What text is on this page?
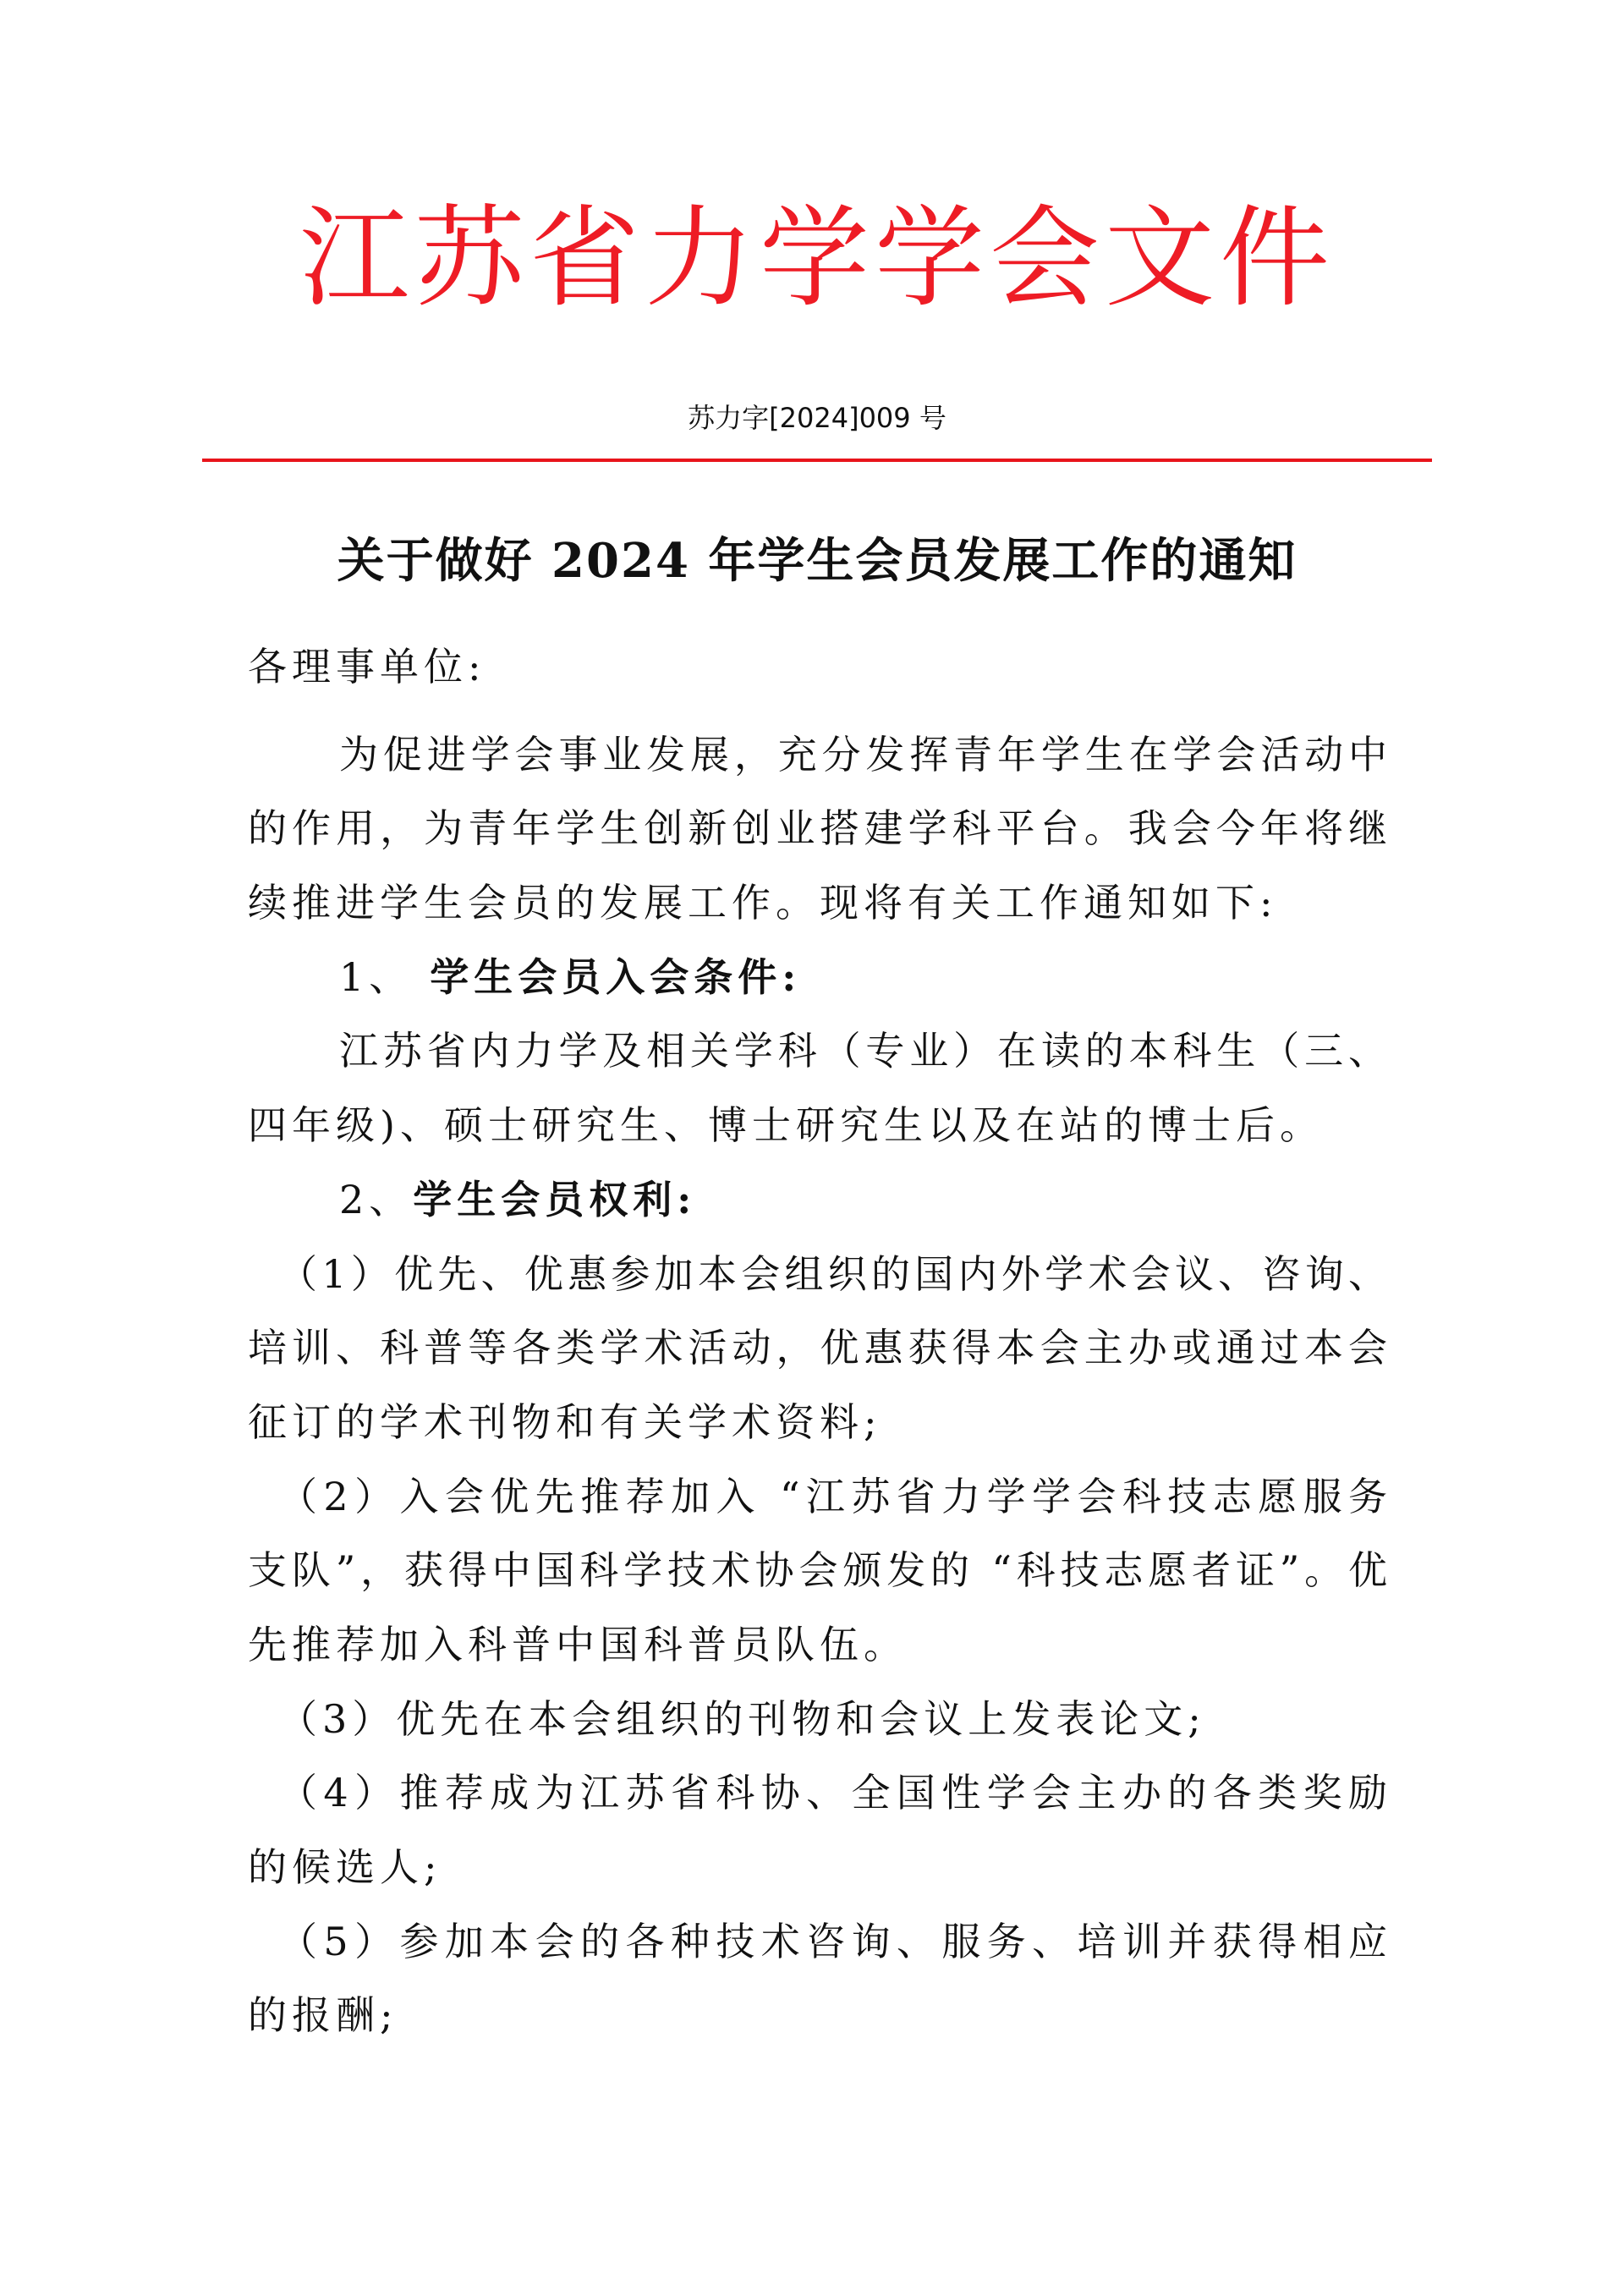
江苏省力学学会文件
苏力字[2024]009 号
关于做好 2024 年学生会员发展工作的通知
各理事单位:
为促进学会事业发展，充分发挥青年学生在学会活动中
的作用，为青年学生创新创业搭建学科平台。我会今年将继
续推进学生会员的发展工作。现将有关工作通知如下:
1、 学生会员入会条件:
江苏省内力学及相关学科（专业）在读的本科生（三、
四年级)、硕士研究生、博士研究生以及在站的博士后。
2、学生会员权利:
（1）优先、优惠参加本会组织的国内外学术会议、咨询、
培训、科普等各类学术活动，优惠获得本会主办或通过本会
征订的学术刊物和有关学术资料;
（2）入会优先推荐加入 “江苏省力学学会科技志愿服务
支队”，获得中国科学技术协会颁发的 “科技志愿者证”。优
先推荐加入科普中国科普员队伍。
（3）优先在本会组织的刊物和会议上发表论文;
（4）推荐成为江苏省科协、全国性学会主办的各类奖励
的候选人;
（5）参加本会的各种技术咨询、服务、培训并获得相应
的报酬;
